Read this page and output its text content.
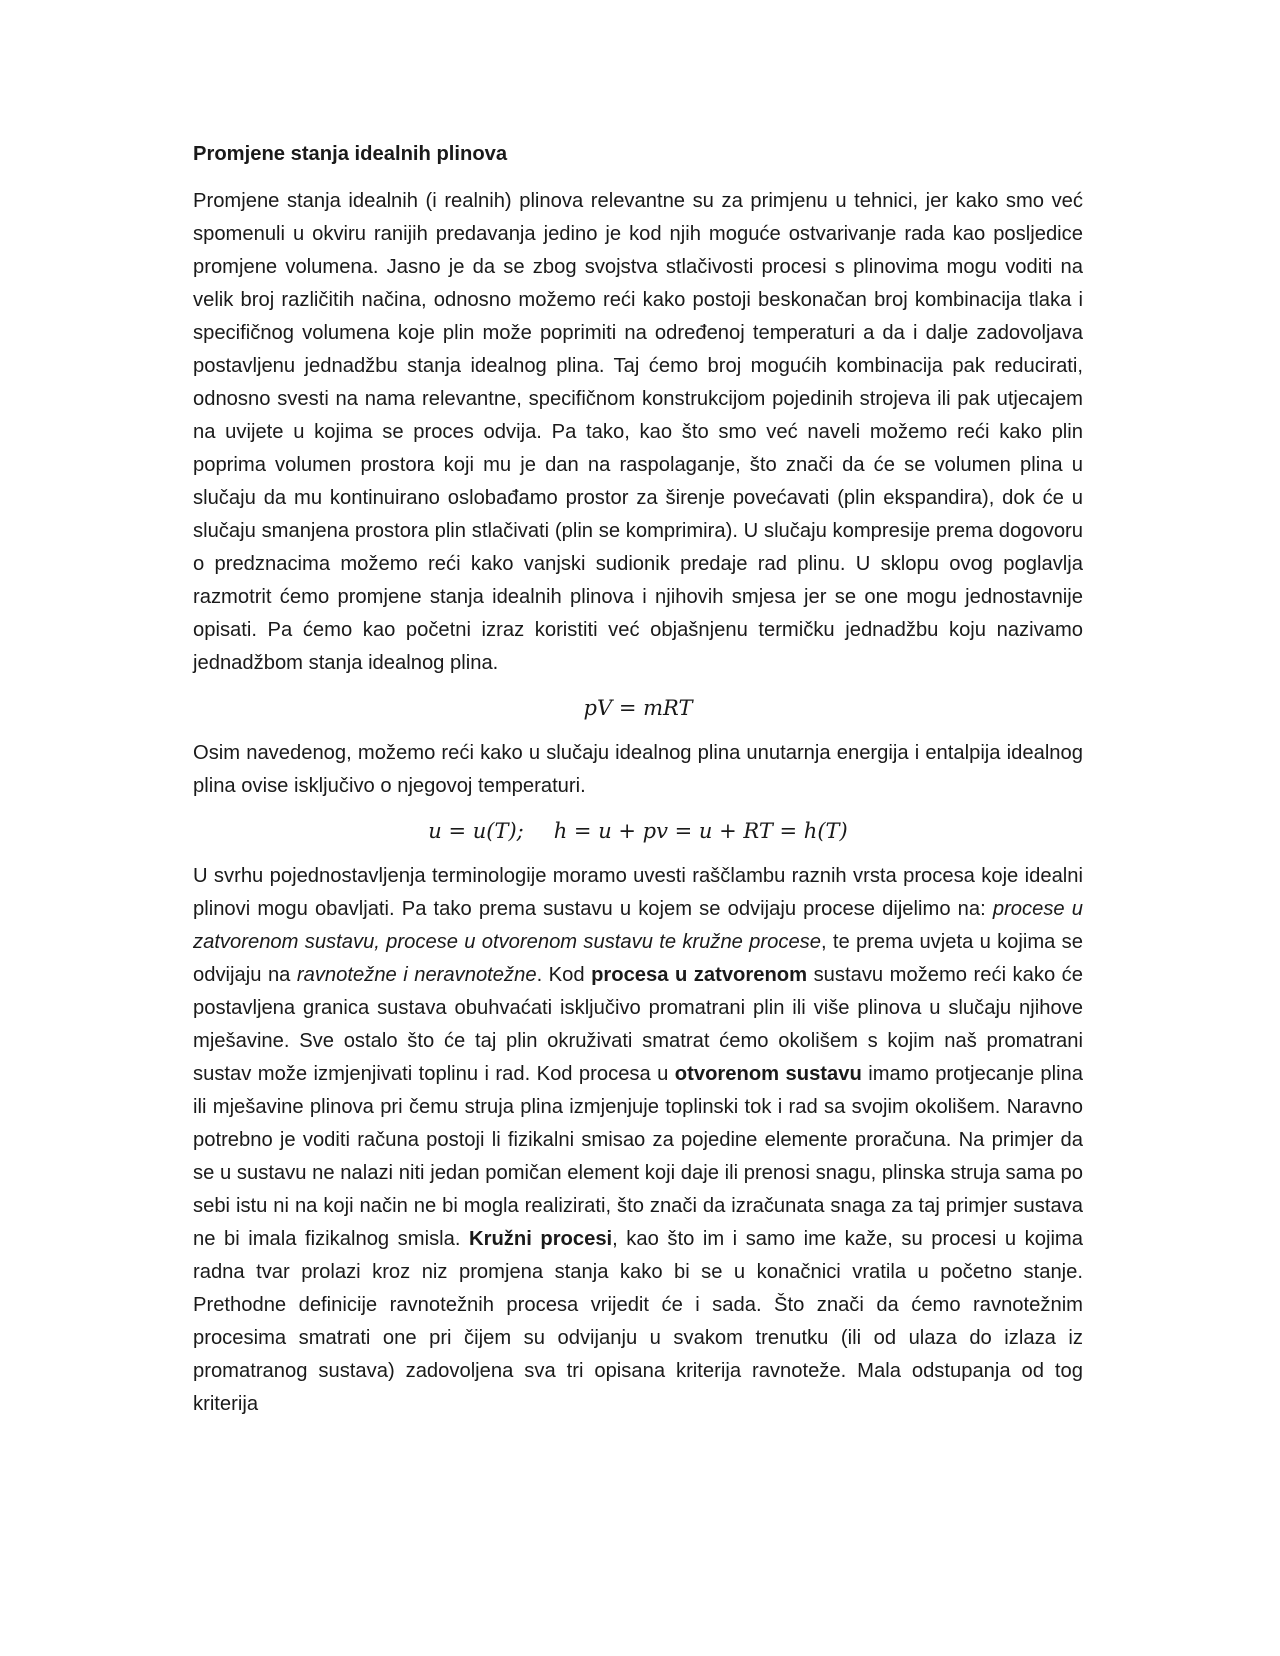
Promjene stanja idealnih plinova

Promjene stanja idealnih (i realnih) plinova relevantne su za primjenu u tehnici, jer kako smo već spomenuli u okviru ranijih predavanja jedino je kod njih moguće ostvarivanje rada kao posljedice promjene volumena. Jasno je da se zbog svojstva stlačivosti procesi s plinovima mogu voditi na velik broj različitih načina, odnosno možemo reći kako postoji beskonačan broj kombinacija tlaka i specifičnog volumena koje plin može poprimiti na određenoj temperaturi a da i dalje zadovoljava postavljenu jednadžbu stanja idealnog plina. Taj ćemo broj mogućih kombinacija pak reducirati, odnosno svesti na nama relevantne, specifičnom konstrukcijom pojedinih strojeva ili pak utjecajem na uvijete u kojima se proces odvija. Pa tako, kao što smo već naveli možemo reći kako plin poprima volumen prostora koji mu je dan na raspolaganje, što znači da će se volumen plina u slučaju da mu kontinuirano oslobađamo prostor za širenje povećavati (plin ekspandira), dok će u slučaju smanjena prostora plin stlačivati (plin se komprimira). U slučaju kompresije prema dogovoru o predznacima možemo reći kako vanjski sudionik predaje rad plinu. U sklopu ovog poglavlja razmotrit ćemo promjene stanja idealnih plinova i njihovih smjesa jer se one mogu jednostavnije opisati. Pa ćemo kao početni izraz koristiti već objašnjenu termičku jednadžbu koju nazivamo jednadžbom stanja idealnog plina.

pV = mRT

Osim navedenog, možemo reći kako u slučaju idealnog plina unutarnja energija i entalpija idealnog plina ovise isključivo o njegovoj temperaturi.

u = u(T); h = u + pv = u + RT = h(T)

U svrhu pojednostavljenja terminologije moramo uvesti raščlambu raznih vrsta procesa koje idealni plinovi mogu obavljati. Pa tako prema sustavu u kojem se odvijaju procese dijelimo na: procese u zatvorenom sustavu, procese u otvorenom sustavu te kružne procese, te prema uvjeta u kojima se odvijaju na ravnotežne i neravnotežne. Kod procesa u zatvorenom sustavu možemo reći kako će postavljena granica sustava obuhvaćati isključivo promatrani plin ili više plinova u slučaju njihove mješavine. Sve ostalo što će taj plin okruživati smatrat ćemo okolišem s kojim naš promatrani sustav može izmjenjivati toplinu i rad. Kod procesa u otvorenom sustavu imamo protjecanje plina ili mješavine plinova pri čemu struja plina izmjenjuje toplinski tok i rad sa svojim okolišem. Naravno potrebno je voditi računa postoji li fizikalni smisao za pojedine elemente proračuna. Na primjer da se u sustavu ne nalazi niti jedan pomičan element koji daje ili prenosi snagu, plinska struja sama po sebi istu ni na koji način ne bi mogla realizirati, što znači da izračunata snaga za taj primjer sustava ne bi imala fizikalnog smisla. Kružni procesi, kao što im i samo ime kaže, su procesi u kojima radna tvar prolazi kroz niz promjena stanja kako bi se u konačnici vratila u početno stanje. Prethodne definicije ravnotežnih procesa vrijedit će i sada. Što znači da ćemo ravnotežnim procesima smatrati one pri čijem su odvijanju u svakom trenutku (ili od ulaza do izlaza iz promatranog sustava) zadovoljena sva tri opisana kriterija ravnoteže. Mala odstupanja od tog kriterija
